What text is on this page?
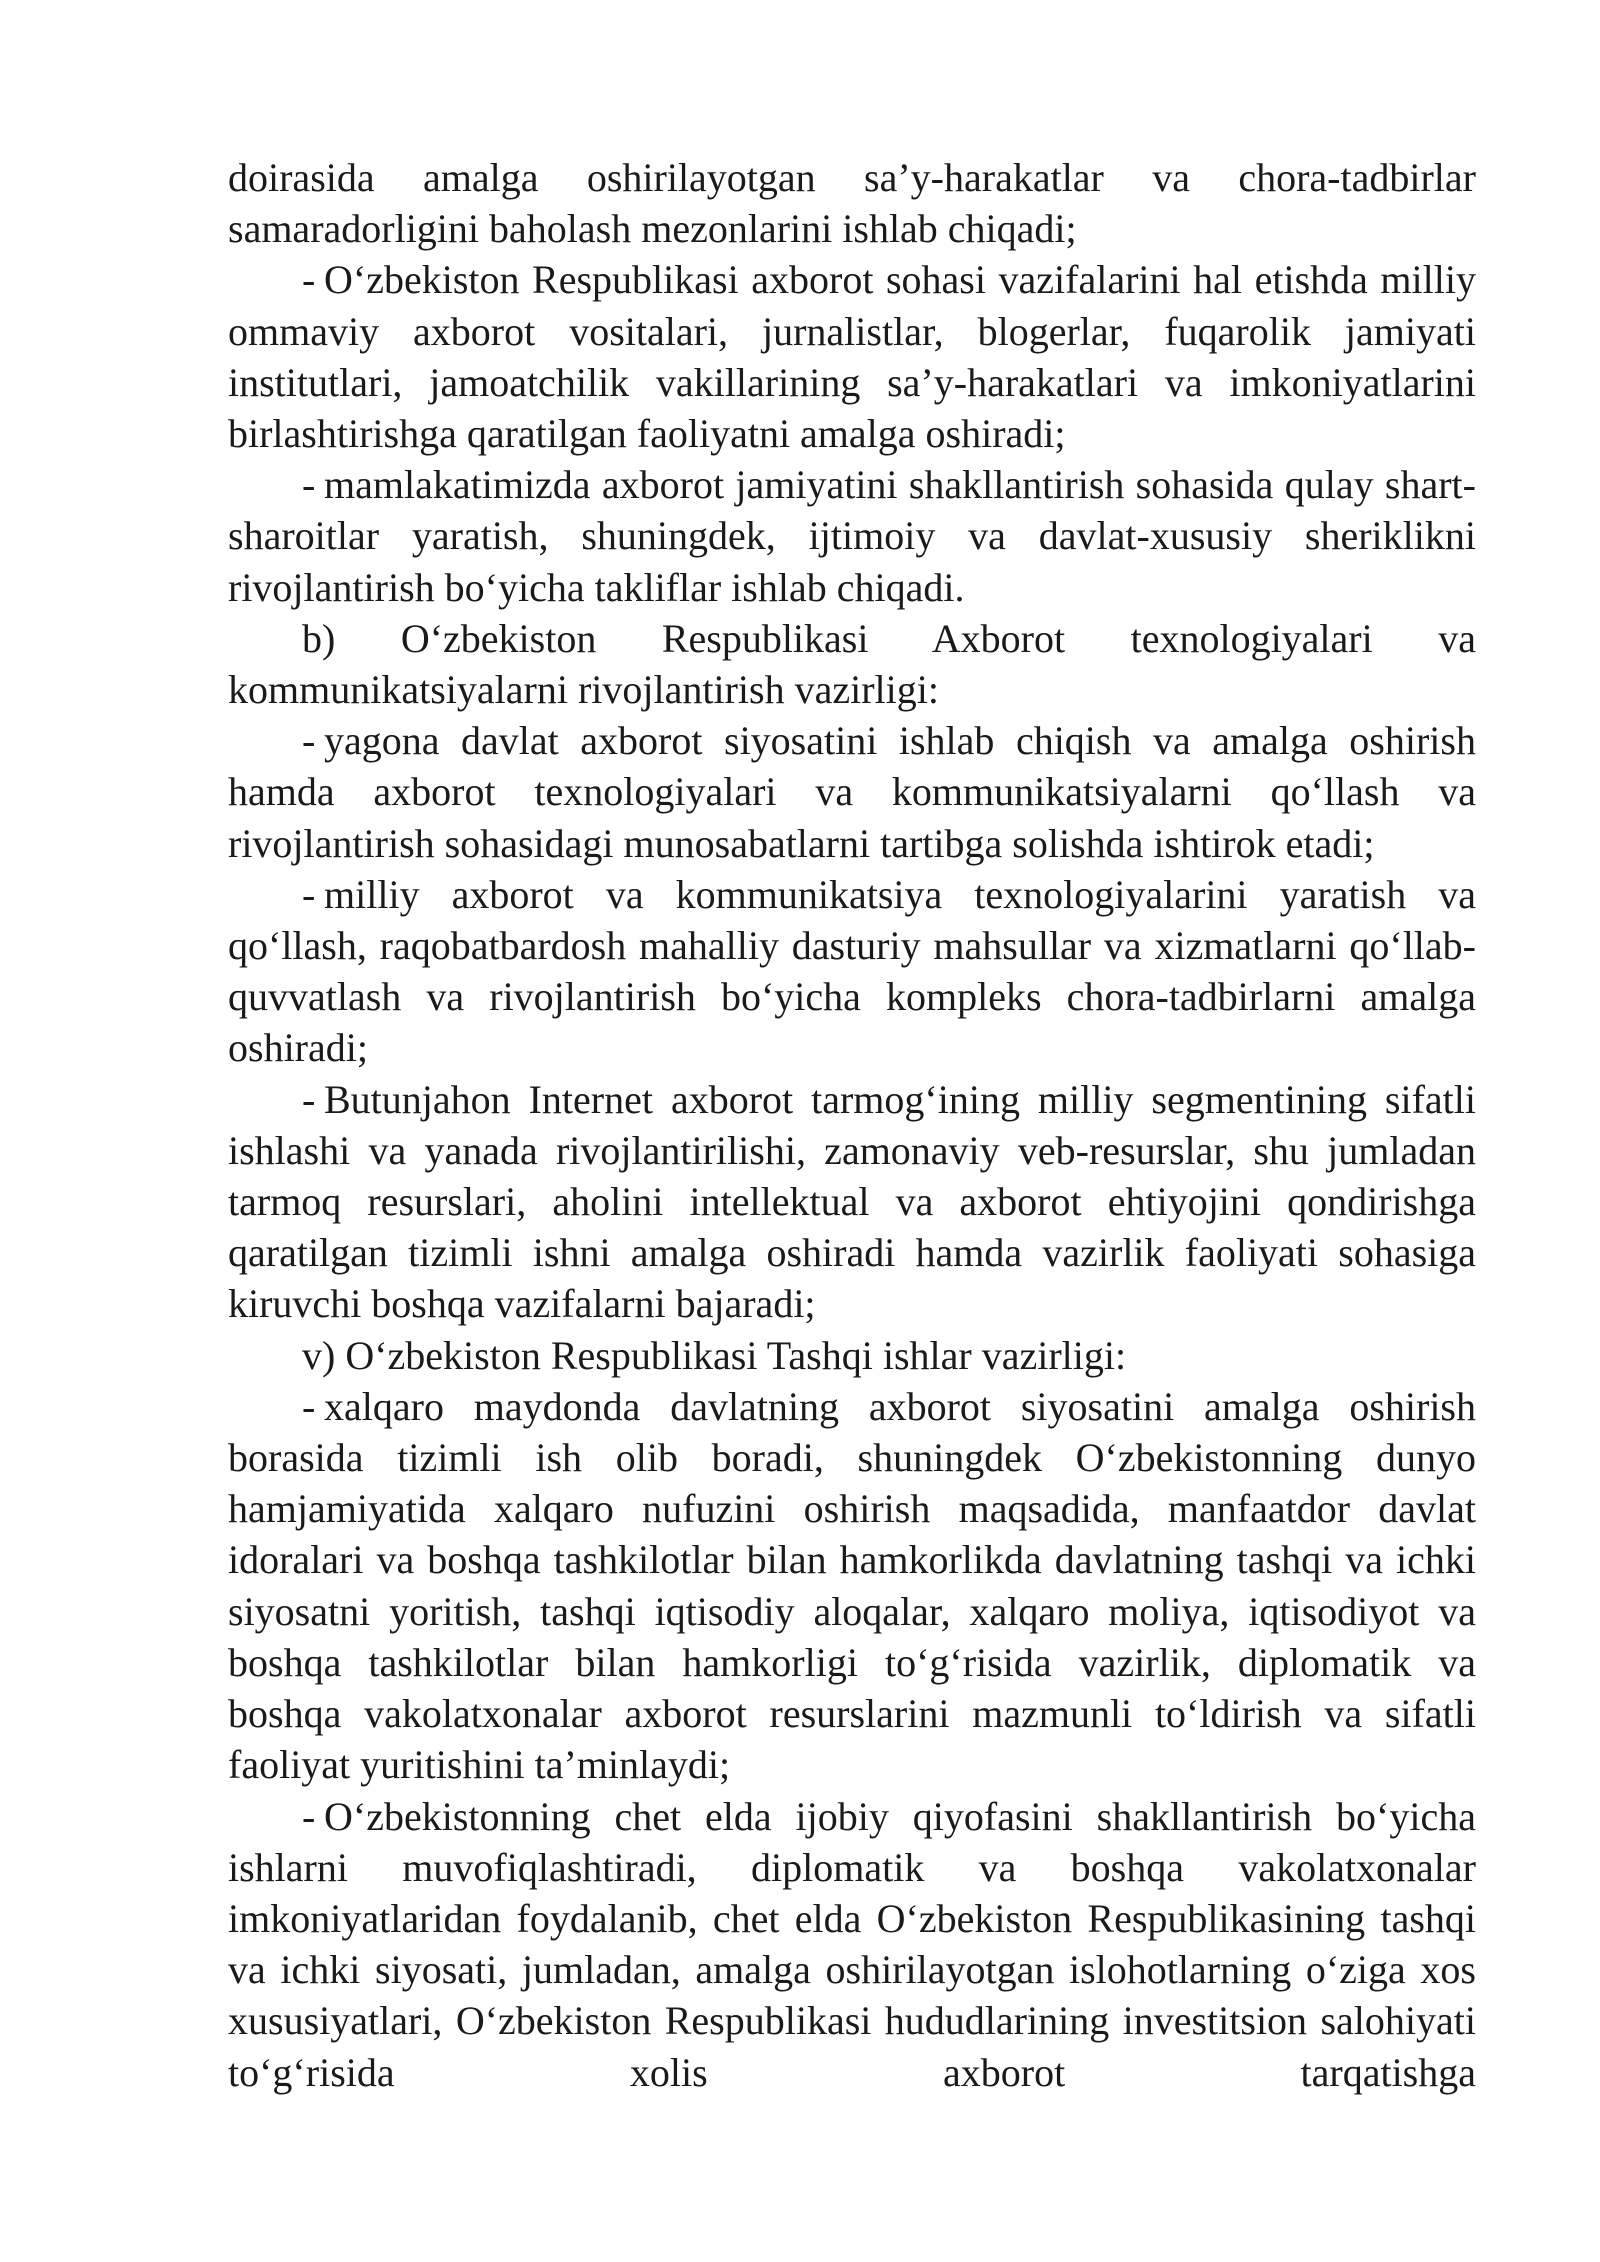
doirasida amalga oshirilayotgan sa’y-harakatlar va chora-tadbirlar samaradorligini baholash mezonlarini ishlab chiqadi;

- O‘zbekiston Respublikasi axborot sohasi vazifalarini hal etishda milliy ommaviy axborot vositalari, jurnalistlar, blogerlar, fuqarolik jamiyati institutlari, jamoatchilik vakillarining sa’y-harakatlari va imkoniyatlarini birlashtirishga qaratilgan faoliyatni amalga oshiradi;

- mamlakatimizda axborot jamiyatini shakllantirish sohasida qulay shart-sharoitlar yaratish, shuningdek, ijtimoiy va davlat-xususiy sheriklikni rivojlantirish bo‘yicha takliflar ishlab chiqadi.

b) O‘zbekiston Respublikasi Axborot texnologiyalari va kommunikatsiyalarni rivojlantirish vazirligi:

- yagona davlat axborot siyosatini ishlab chiqish va amalga oshirish hamda axborot texnologiyalari va kommunikatsiyalarni qo‘llash va rivojlantirish sohasidagi munosabatlarni tartibga solishda ishtirok etadi;

- milliy axborot va kommunikatsiya texnologiyalarini yaratish va qo‘llash, raqobatbardosh mahalliy dasturiy mahsullar va xizmatlarni qo‘llab-quvvatlash va rivojlantirish bo‘yicha kompleks chora-tadbirlarni amalga oshiradi;

- Butunjahon Internet axborot tarmog‘ining milliy segmentining sifatli ishlashi va yanada rivojlantirilishi, zamonaviy veb-resurslar, shu jumladan tarmoq resurslari, aholini intellektual va axborot ehtiyojini qondirishga qaratilgan tizimli ishni amalga oshiradi hamda vazirlik faoliyati sohasiga kiruvchi boshqa vazifalarni bajaradi;

v) O‘zbekiston Respublikasi Tashqi ishlar vazirligi:

- xalqaro maydonda davlatning axborot siyosatini amalga oshirish borasida tizimli ish olib boradi, shuningdek O‘zbekistonning dunyo hamjamiyatida xalqaro nufuzini oshirish maqsadida, manfaatdor davlat idoralari va boshqa tashkilotlar bilan hamkorlikda davlatning tashqi va ichki siyosatni yoritish, tashqi iqtisodiy aloqalar, xalqaro moliya, iqtisodiyot va boshqa tashkilotlar bilan hamkorligi to‘g‘risida vazirlik, diplomatik va boshqa vakolatxonalar axborot resurslarini mazmunli to‘ldirish va sifatli faoliyat yuritishini ta’minlaydi;

- O‘zbekistonning chet elda ijobiy qiyofasini shakllantirish bo‘yicha ishlarni muvofiqlashtiradi, diplomatik va boshqa vakolatxonalar imkoniyatlaridan foydalanib, chet elda O‘zbekiston Respublikasining tashqi va ichki siyosati, jumladan, amalga oshirilayotgan islohotlarning o‘ziga xos xususiyatlari, O‘zbekiston Respublikasi hududlarining investitsion salohiyati to‘g‘risida xolis axborot tarqatishga
